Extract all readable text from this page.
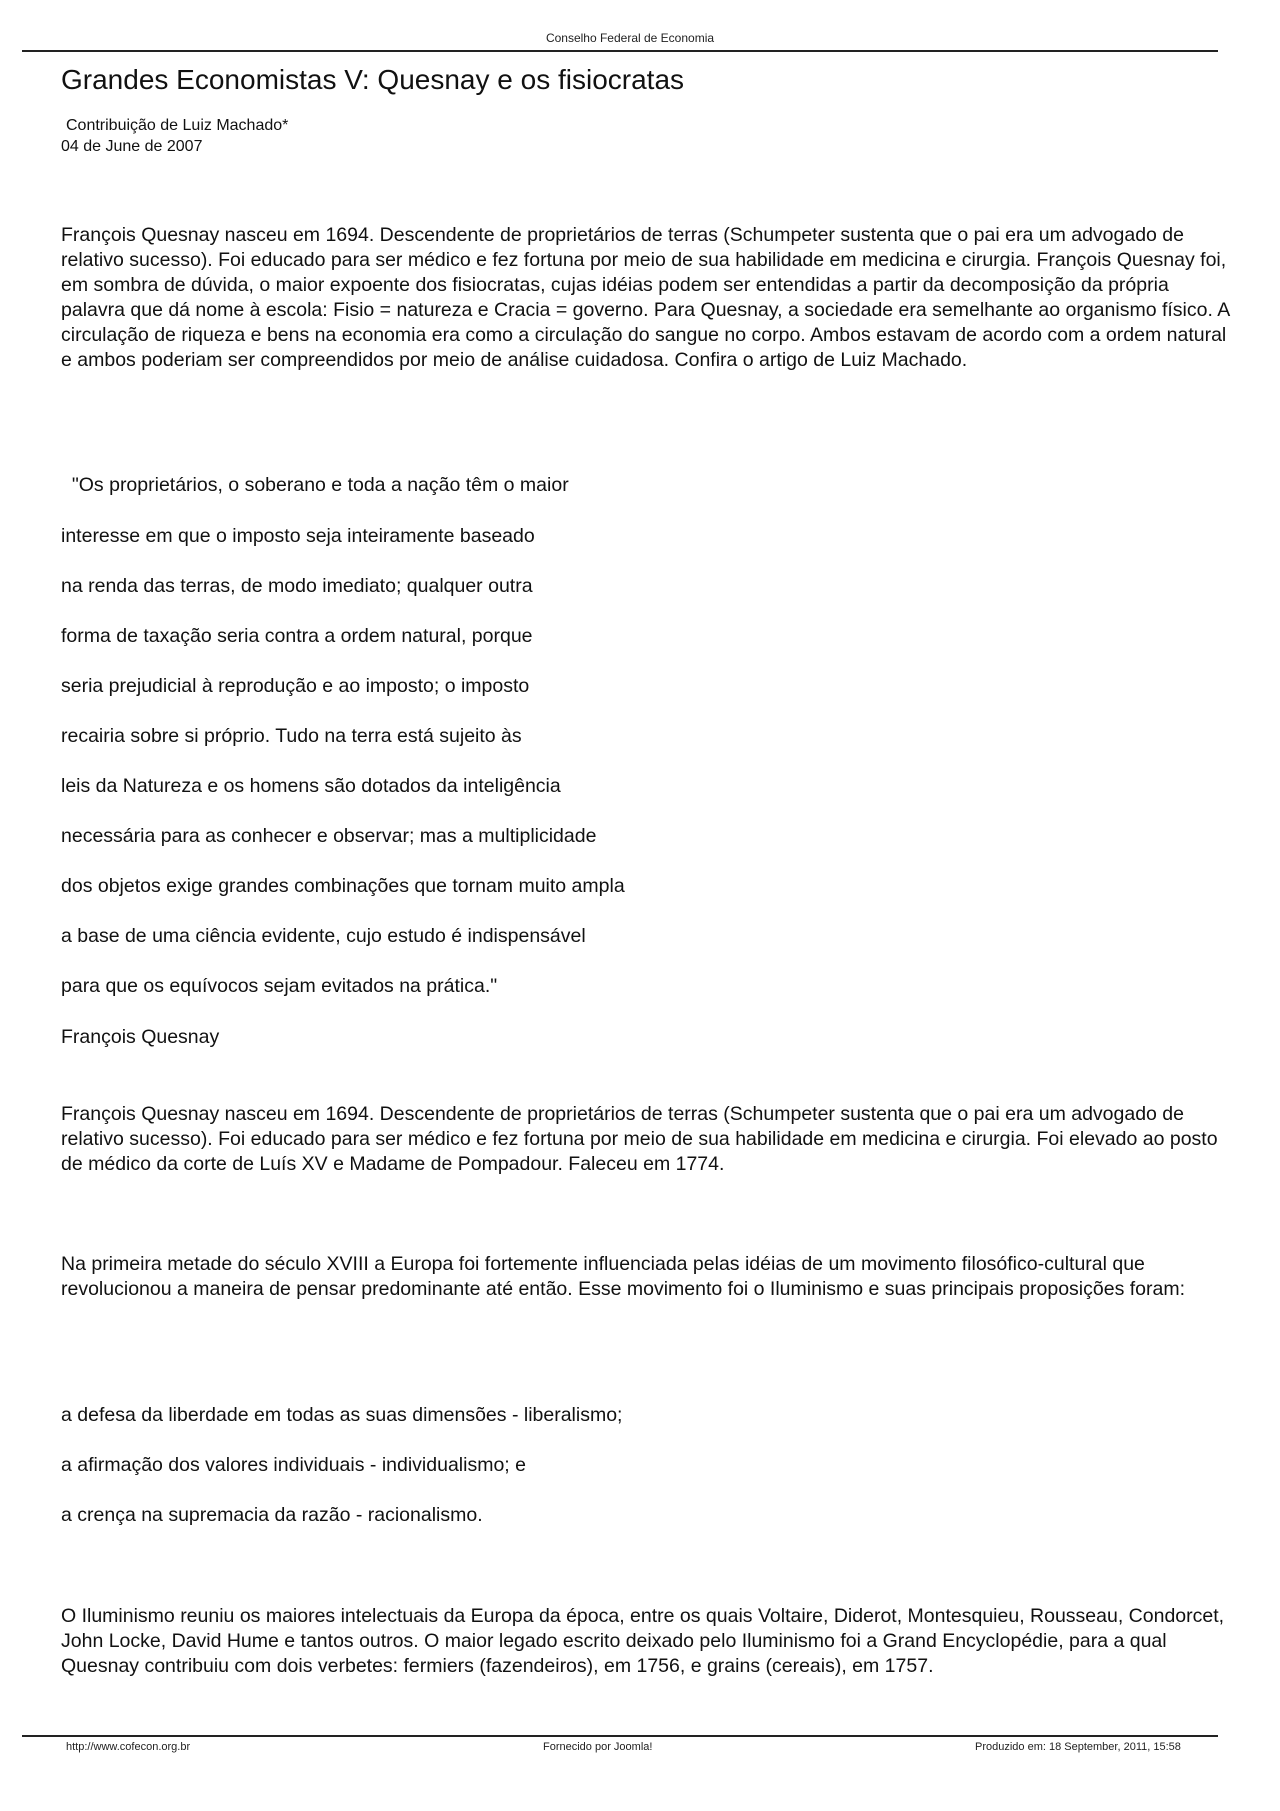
Conselho Federal de Economia
Grandes Economistas V: Quesnay e os fisiocratas
Contribuição de Luiz Machado*
04 de June de 2007
François Quesnay nasceu em 1694. Descendente de proprietários de terras (Schumpeter sustenta que o pai era um advogado de relativo sucesso). Foi educado para ser médico e fez fortuna por meio de sua habilidade em medicina e cirurgia. François Quesnay foi, em sombra de dúvida, o maior expoente dos fisiocratas, cujas idéias podem ser entendidas a partir da decomposição da própria palavra que dá nome à escola: Fisio = natureza e Cracia = governo. Para Quesnay, a sociedade era semelhante ao organismo físico. A circulação de riqueza e bens na economia era como a circulação do sangue no corpo. Ambos estavam de acordo com a ordem natural e ambos poderiam ser compreendidos por meio de análise cuidadosa. Confira o artigo de Luiz Machado.
"Os proprietários, o soberano e toda a nação têm o maior
interesse em que o imposto seja inteiramente baseado
na renda das terras, de modo imediato; qualquer outra
forma de taxação seria contra a ordem natural, porque
seria prejudicial à reprodução e ao imposto; o imposto
recairia sobre si próprio. Tudo na terra está sujeito às
leis da Natureza e os homens são dotados da inteligência
necessária para as conhecer e observar; mas a multiplicidade
dos objetos exige grandes combinações que tornam muito ampla
a base de uma ciência evidente, cujo estudo é indispensável
para que os equívocos sejam evitados na prática."
François Quesnay
François Quesnay nasceu em 1694. Descendente de proprietários de terras (Schumpeter sustenta que o pai era um advogado de relativo sucesso). Foi educado para ser médico e fez fortuna por meio de sua habilidade em medicina e cirurgia. Foi elevado ao posto de médico da corte de Luís XV e Madame de Pompadour. Faleceu em 1774.
Na primeira metade do século XVIII a Europa foi fortemente influenciada pelas idéias de um movimento filosófico-cultural que revolucionou a maneira de pensar predominante até então. Esse movimento foi o Iluminismo e suas principais proposições foram:
a defesa da liberdade em todas as suas dimensões - liberalismo;
a afirmação dos valores individuais - individualismo; e
a crença na supremacia da razão - racionalismo.
O Iluminismo reuniu os maiores intelectuais da Europa da época, entre os quais Voltaire, Diderot, Montesquieu, Rousseau, Condorcet, John Locke, David Hume e tantos outros. O maior legado escrito deixado pelo Iluminismo foi a Grand Encyclopédie, para a qual Quesnay contribuiu com dois verbetes: fermiers (fazendeiros), em 1756, e grains (cereais), em 1757.
http://www.cofecon.org.br	Fornecido por Joomla!	Produzido em: 18 September, 2011, 15:58
